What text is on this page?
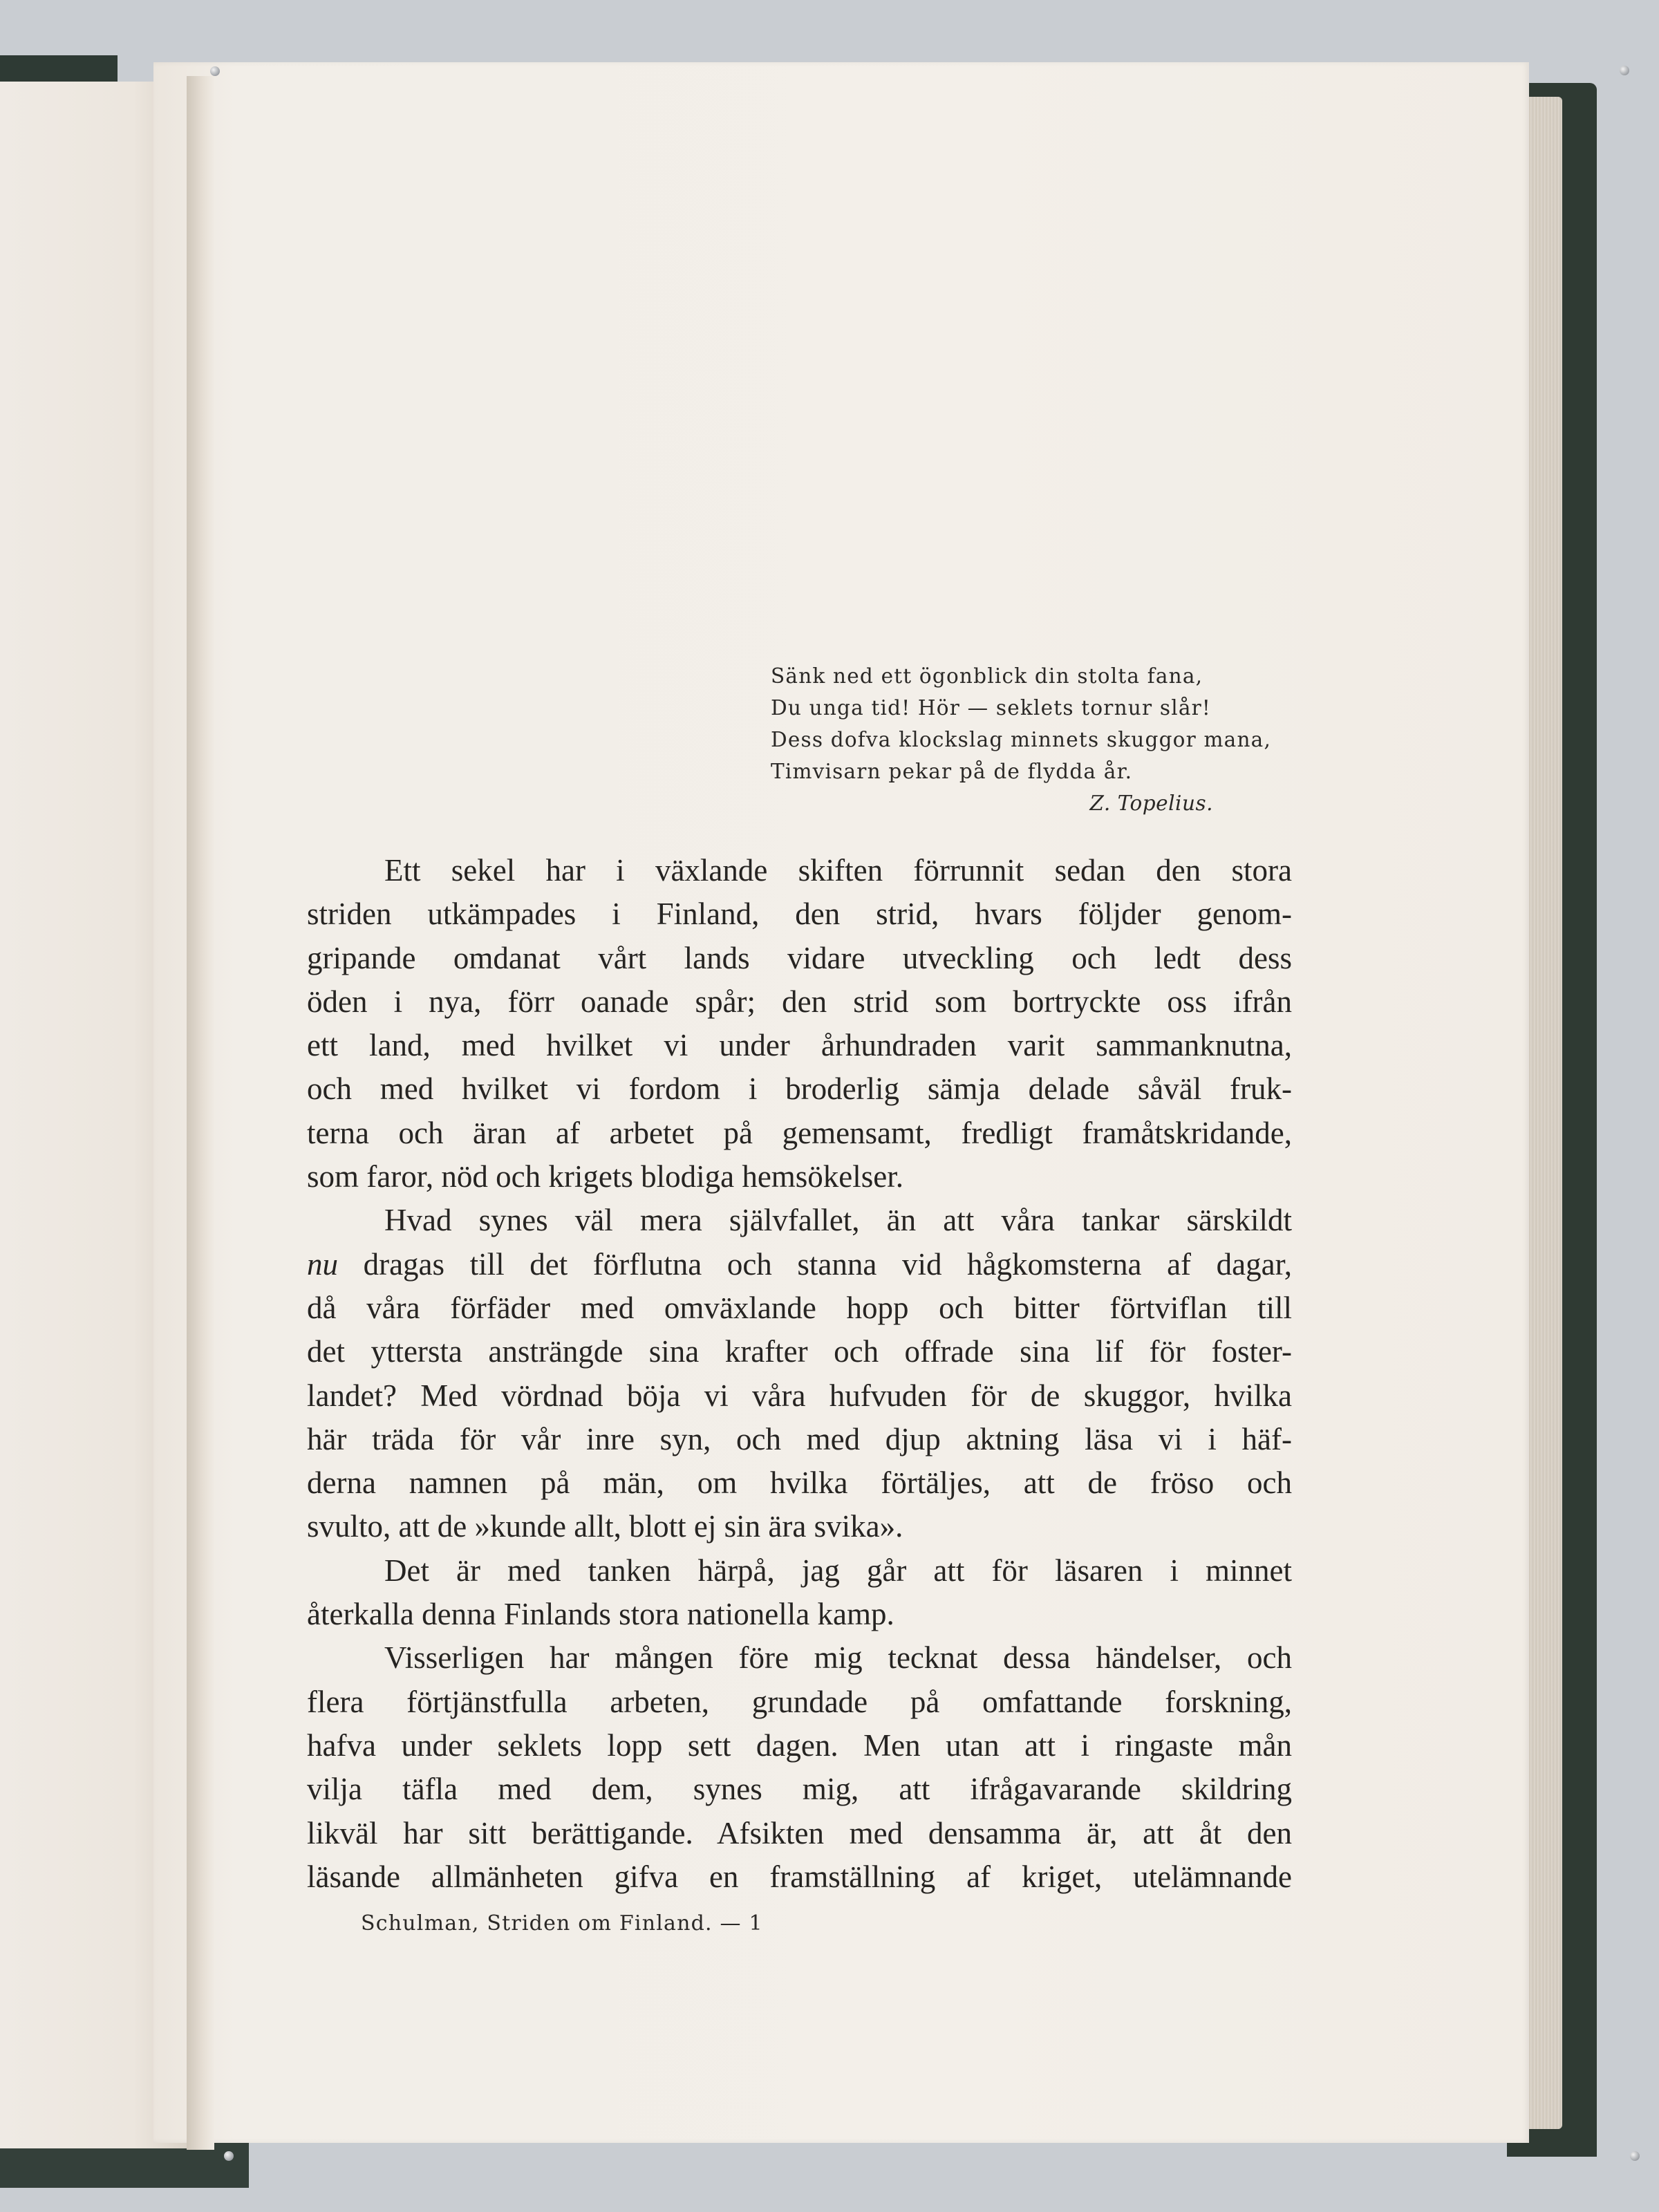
Sänk ned ett ögonblick din stolta fana,
Du unga tid! Hör — seklets tornur slår!
Dess dofva klockslag minnets skuggor mana,
Timvisarn pekar på de flydda år.
Z. Topelius.
Ett sekel har i växlande skiften förrunnit sedan den stora
striden utkämpades i Finland, den strid, hvars följder genom-
gripande omdanat vårt lands vidare utveckling och ledt dess
öden i nya, förr oanade spår; den strid som bortryckte oss ifrån
ett land, med hvilket vi under århundraden varit sammanknutna,
och med hvilket vi fordom i broderlig sämja delade såväl fruk-
terna och äran af arbetet på gemensamt, fredligt framåtskridande,
som faror, nöd och krigets blodiga hemsökelser.
Hvad synes väl mera självfallet, än att våra tankar särskildt
nu dragas till det förflutna och stanna vid hågkomsterna af dagar,
då våra förfäder med omväxlande hopp och bitter förtviflan till
det yttersta ansträngde sina krafter och offrade sina lif för foster-
landet? Med vördnad böja vi våra hufvuden för de skuggor, hvilka
här träda för vår inre syn, och med djup aktning läsa vi i häf-
derna namnen på män, om hvilka förtäljes, att de fröso och
svulto, att de »kunde allt, blott ej sin ära svika».
Det är med tanken härpå, jag går att för läsaren i minnet
återkalla denna Finlands stora nationella kamp.
Visserligen har mången före mig tecknat dessa händelser, och
flera förtjänstfulla arbeten, grundade på omfattande forskning,
hafva under seklets lopp sett dagen. Men utan att i ringaste mån
vilja täfla med dem, synes mig, att ifrågavarande skildring
likväl har sitt berättigande. Afsikten med densamma är, att åt den
läsande allmänheten gifva en framställning af kriget, utelämnande
Schulman, Striden om Finland. — 1
